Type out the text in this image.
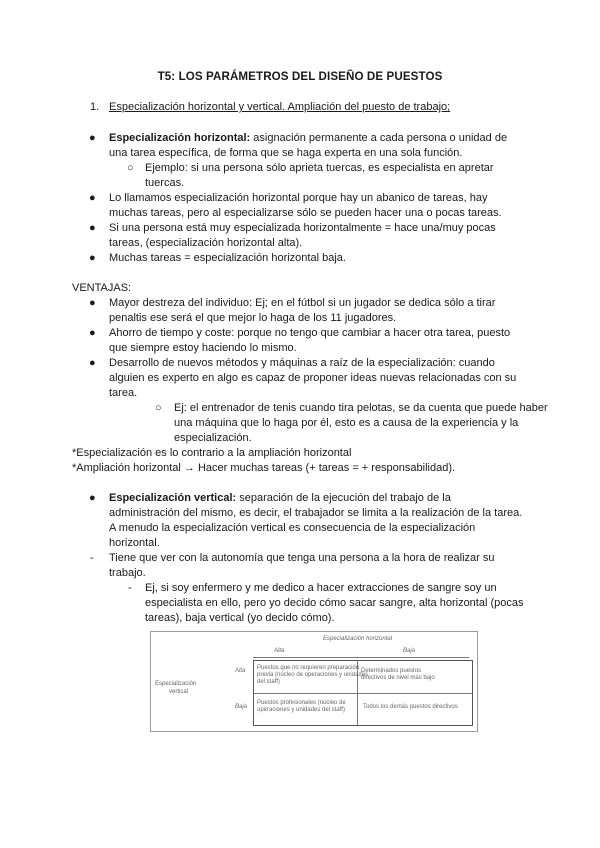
T5: LOS PARÁMETROS DEL DISEÑO DE PUESTOS
1. Especialización horizontal y vertical. Ampliación del puesto de trabajo;
● Especialización horizontal: asignación permanente a cada persona o unidad de
una tarea específica, de forma que se haga experta en una sola función.
○ Ejemplo: si una persona sólo aprieta tuercas, es especialista en apretar
tuercas.
● Lo llamamos especialización horizontal porque hay un abanico de tareas, hay
muchas tareas, pero al especializarse sólo se pueden hacer una o pocas tareas.
● Si una persona está muy especializada horizontalmente = hace una/muy pocas
tareas, (especialización horizontal alta).
● Muchas tareas = especialización horizontal baja.
VENTAJAS:
● Mayor destreza del individuo: Ej; en el fútbol si un jugador se dedica sólo a tirar
penaltis ese será el que mejor lo haga de los 11 jugadores.
● Ahorro de tiempo y coste: porque no tengo que cambiar a hacer otra tarea, puesto
que siempre estoy haciendo lo mismo.
● Desarrollo de nuevos métodos y máquinas a raíz de la especialización: cuando
alguien es experto en algo es capaz de proponer ideas nuevas relacionadas con su
tarea.
○ Ej: el entrenador de tenis cuando tira pelotas, se da cuenta que puede haber
una máquina que lo haga por él, esto es a causa de la experiencia y la
especialización.
*Especialización es lo contrario a la ampliación horizontal
*Ampliación horizontal → Hacer muchas tareas (+ tareas = + responsabilidad).
● Especialización vertical: separación de la ejecución del trabajo de la
administración del mismo, es decir, el trabajador se limita a la realización de la tarea.
A menudo la especialización vertical es consecuencia de la especialización
horizontal.
- Tiene que ver con la autonomía que tenga una persona a la hora de realizar su
trabajo.
- Ej, si soy enfermero y me dedico a hacer extracciones de sangre soy un
especialista en ello, pero yo decido cómo sacar sangre, alta horizontal (pocas
tareas), baja vertical (yo decido cómo).
Especialización horizontal
Alta	Baja
Especialización
vertical
Alta
Baja
Puestos que no requieren preparación
previa (núcleo de operaciones y unidades
del staff)
Determinados puestos
directivos de nivel más bajo
Puestos profesionales (núcleo de
operaciones y unidades del staff)	Todos los demás puestos directivos
